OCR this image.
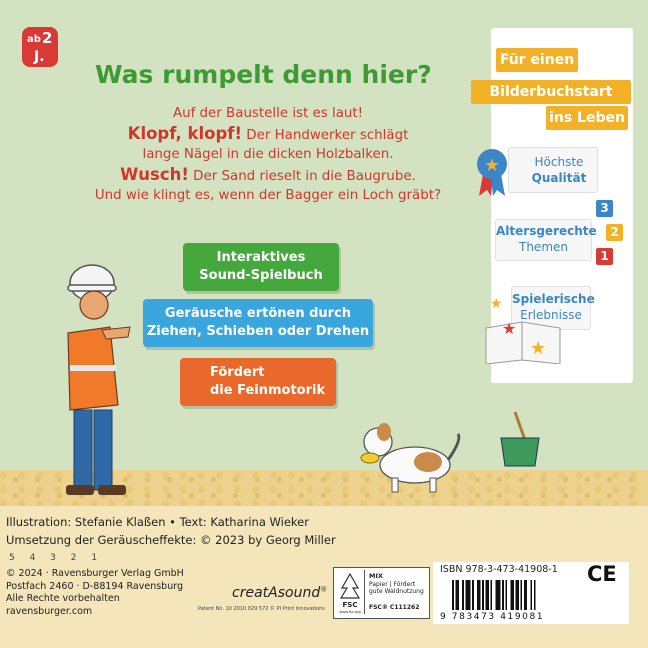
ab 2
J.
Was rumpelt denn hier?
Auf der Baustelle ist es laut!
Klopf, klopf! Der Handwerker schlägt
lange Nägel in die dicken Holzbalken.
Wusch! Der Sand rieselt in die Baugrube.
Und wie klingt es, wenn der Bagger ein Loch gräbt?
Interaktives
Sound-Spielbuch
Geräusche ertönen durch
Ziehen, Schieben oder Drehen
Fördert
die Feinmotorik
Für einen
Bilderbuchstart
ins Leben
★	Höchste
Qualität
Altersgerechte
Themen
3
2
1
Spielerische
Erlebnisse
★
★
★
Illustration: Stefanie Klaßen • Text: Katharina Wieker
Umsetzung der Geräuscheffekte: © 2023 by Georg Miller
5 4 3 2 1
© 2024 · Ravensburger Verlag GmbH
Postfach 2460 · D-88194 Ravensburg
Alle Rechte vorbehalten
ravensburger.com
creatAsound®
Patent No. 10 2010 029 572 © PI Print Innovations	FSC
www.fsc.org
MIX
Papier | Fördert
gute Waldnutzung
FSC® C111262
ISBN 978-3-473-41908-1 CE
9 783473 419081
